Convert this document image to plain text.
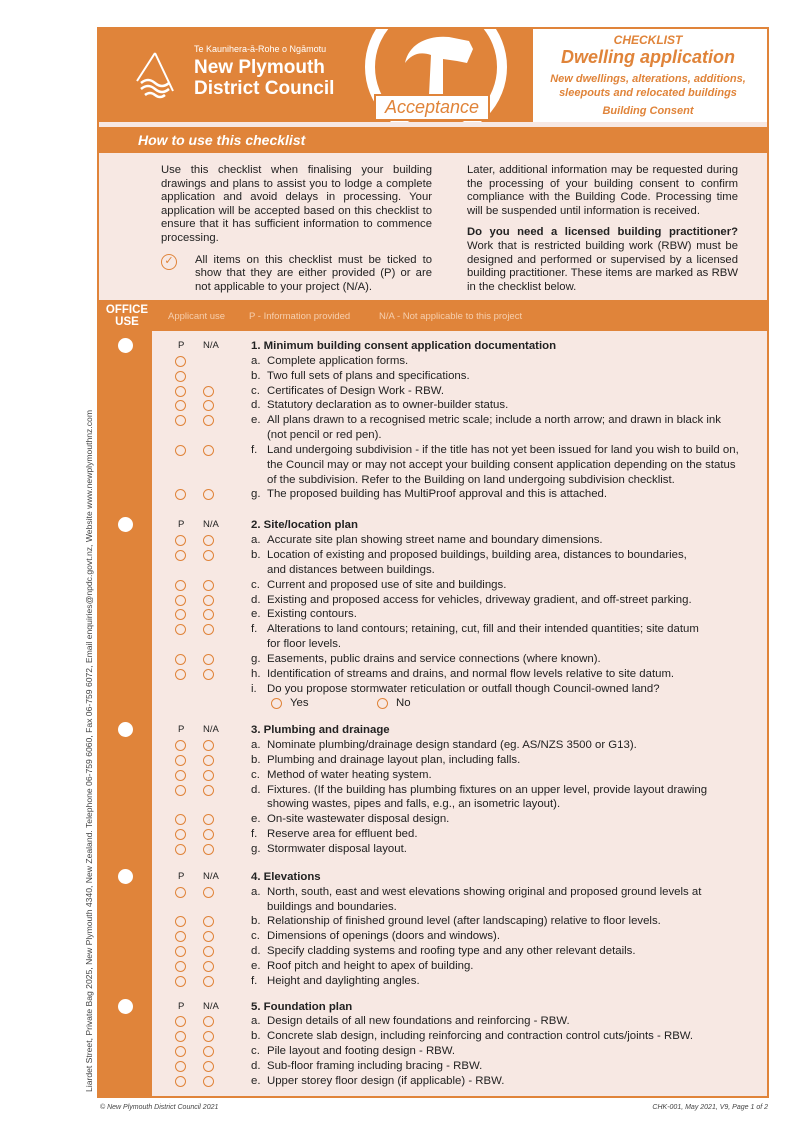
Te Kaunihera-ā-Rohe o Ngāmotu
New Plymouth
District Council
Acceptance
CHECKLIST
Dwelling application
New dwellings, alterations, additions,
sleepouts and relocated buildings
Building Consent
How to use this checklist

Use this checklist when finalising your building drawings and plans to assist you to lodge a complete application and avoid delays in processing. Your application will be accepted based on this checklist to ensure that it has sufficient information to commence processing.

✓	All items on this checklist must be ticked to show that they are either provided (P) or are not applicable to your project (N/A).

Later, additional information may be requested during the processing of your building consent to confirm compliance with the Building Code. Processing time will be suspended until information is received.

Do you need a licensed building practitioner? Work that is restricted building work (RBW) must be designed and performed or supervised by a licensed building practitioner. These items are marked as RBW in the checklist below.

OFFICE USE	Applicant use	P - Information provided	N/A - Not applicable to this project
P N/A	1. Minimum building consent application documentation
a. Complete application forms.
b. Two full sets of plans and specifications.
c. Certificates of Design Work - RBW.
d. Statutory declaration as to owner-builder status.
e. All plans drawn to a recognised metric scale; include a north arrow; and drawn in black ink
(not pencil or red pen).
f. Land undergoing subdivision - if the title has not yet been issued for land you wish to build on,
the Council may or may not accept your building consent application depending on the status
of the subdivision. Refer to the Building on land undergoing subdivision checklist.
g. The proposed building has MultiProof approval and this is attached.
P N/A	2. Site/location plan
a. Accurate site plan showing street name and boundary dimensions.
b. Location of existing and proposed buildings, building area, distances to boundaries,
and distances between buildings.
c. Current and proposed use of site and buildings.
d. Existing and proposed access for vehicles, driveway gradient, and off-street parking.
e. Existing contours.
f. Alterations to land contours; retaining, cut, fill and their intended quantities; site datum
for floor levels.
g. Easements, public drains and service connections (where known).
h. Identification of streams and drains, and normal flow levels relative to site datum.
i. Do you propose stormwater reticulation or outfall though Council-owned land?
Yes	No
P N/A	3. Plumbing and drainage
a. Nominate plumbing/drainage design standard (eg. AS/NZS 3500 or G13).
b. Plumbing and drainage layout plan, including falls.
c. Method of water heating system.
d. Fixtures. (If the building has plumbing fixtures on an upper level, provide layout drawing
showing wastes, pipes and falls, e.g., an isometric layout).
e. On-site wastewater disposal design.
f. Reserve area for effluent bed.
g. Stormwater disposal layout.
P N/A	4. Elevations
a. North, south, east and west elevations showing original and proposed ground levels at
buildings and boundaries.
b. Relationship of finished ground level (after landscaping) relative to floor levels.
c. Dimensions of openings (doors and windows).
d. Specify cladding systems and roofing type and any other relevant details.
e. Roof pitch and height to apex of building.
f. Height and daylighting angles.
P N/A	5. Foundation plan
a. Design details of all new foundations and reinforcing - RBW.
b. Concrete slab design, including reinforcing and contraction control cuts/joints - RBW.
c. Pile layout and footing design - RBW.
d. Sub-floor framing including bracing - RBW.
e. Upper storey floor design (if applicable) - RBW.
Liardet Street, Private Bag 2025, New Plymouth 4340, New Zealand. Telephone 06-759 6060, Fax 06-759 6072, Email enquiries@npdc.govt.nz, Website www.newplymouthnz.com
© New Plymouth District Council 2021	CHK-001, May 2021, V9, Page 1 of 2
